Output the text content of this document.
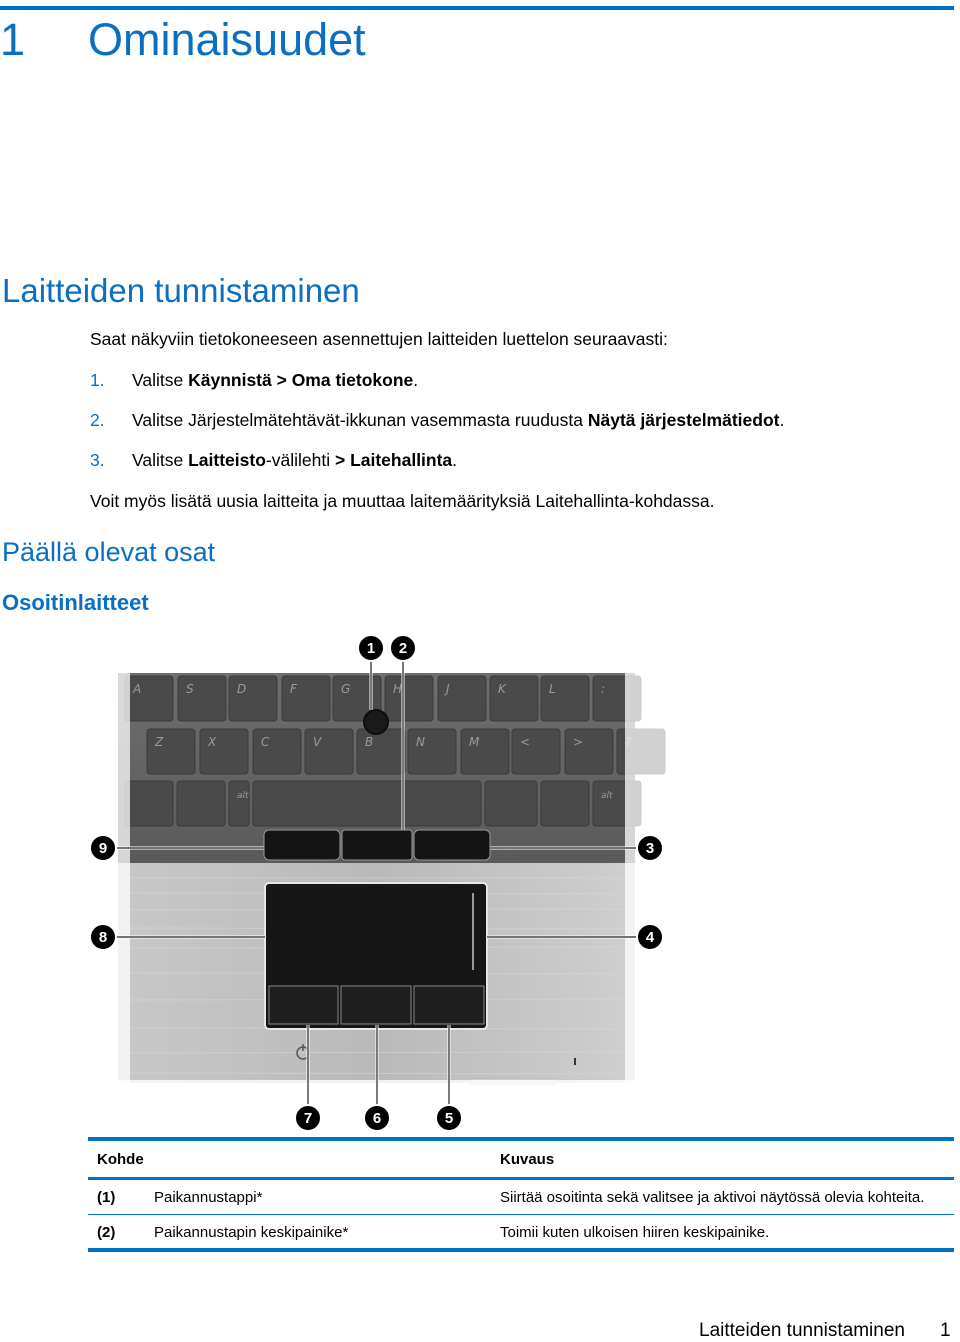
1 Ominaisuudet
Laitteiden tunnistaminen
Saat näkyviin tietokoneeseen asennettujen laitteiden luettelon seuraavasti:
1. Valitse Käynnistä > Oma tietokone.
2. Valitse Järjestelmätehtävät-ikkunan vasemmasta ruudusta Näytä järjestelmätiedot.
3. Valitse Laitteisto-välilehti > Laitehallinta.
Voit myös lisätä uusia laitteita ja muuttaa laitemäärityksiä Laitehallinta-kohdassa.
Päällä olevat osat
Osoitinlaitteet
A	S	D	F	G	H	J	K	L	:
Z	X	C	V	B	N	M	<	>
alt	alt
1 2
3
4
5
6
7
8
9
Kohde	Kuvaus
(1)	Paikannustappi*	Siirtää osoitinta sekä valitsee ja aktivoi näytössä olevia kohteita.
(2)	Paikannustapin keskipainike*	Toimii kuten ulkoisen hiiren keskipainike.
Laitteiden tunnistaminen 1
